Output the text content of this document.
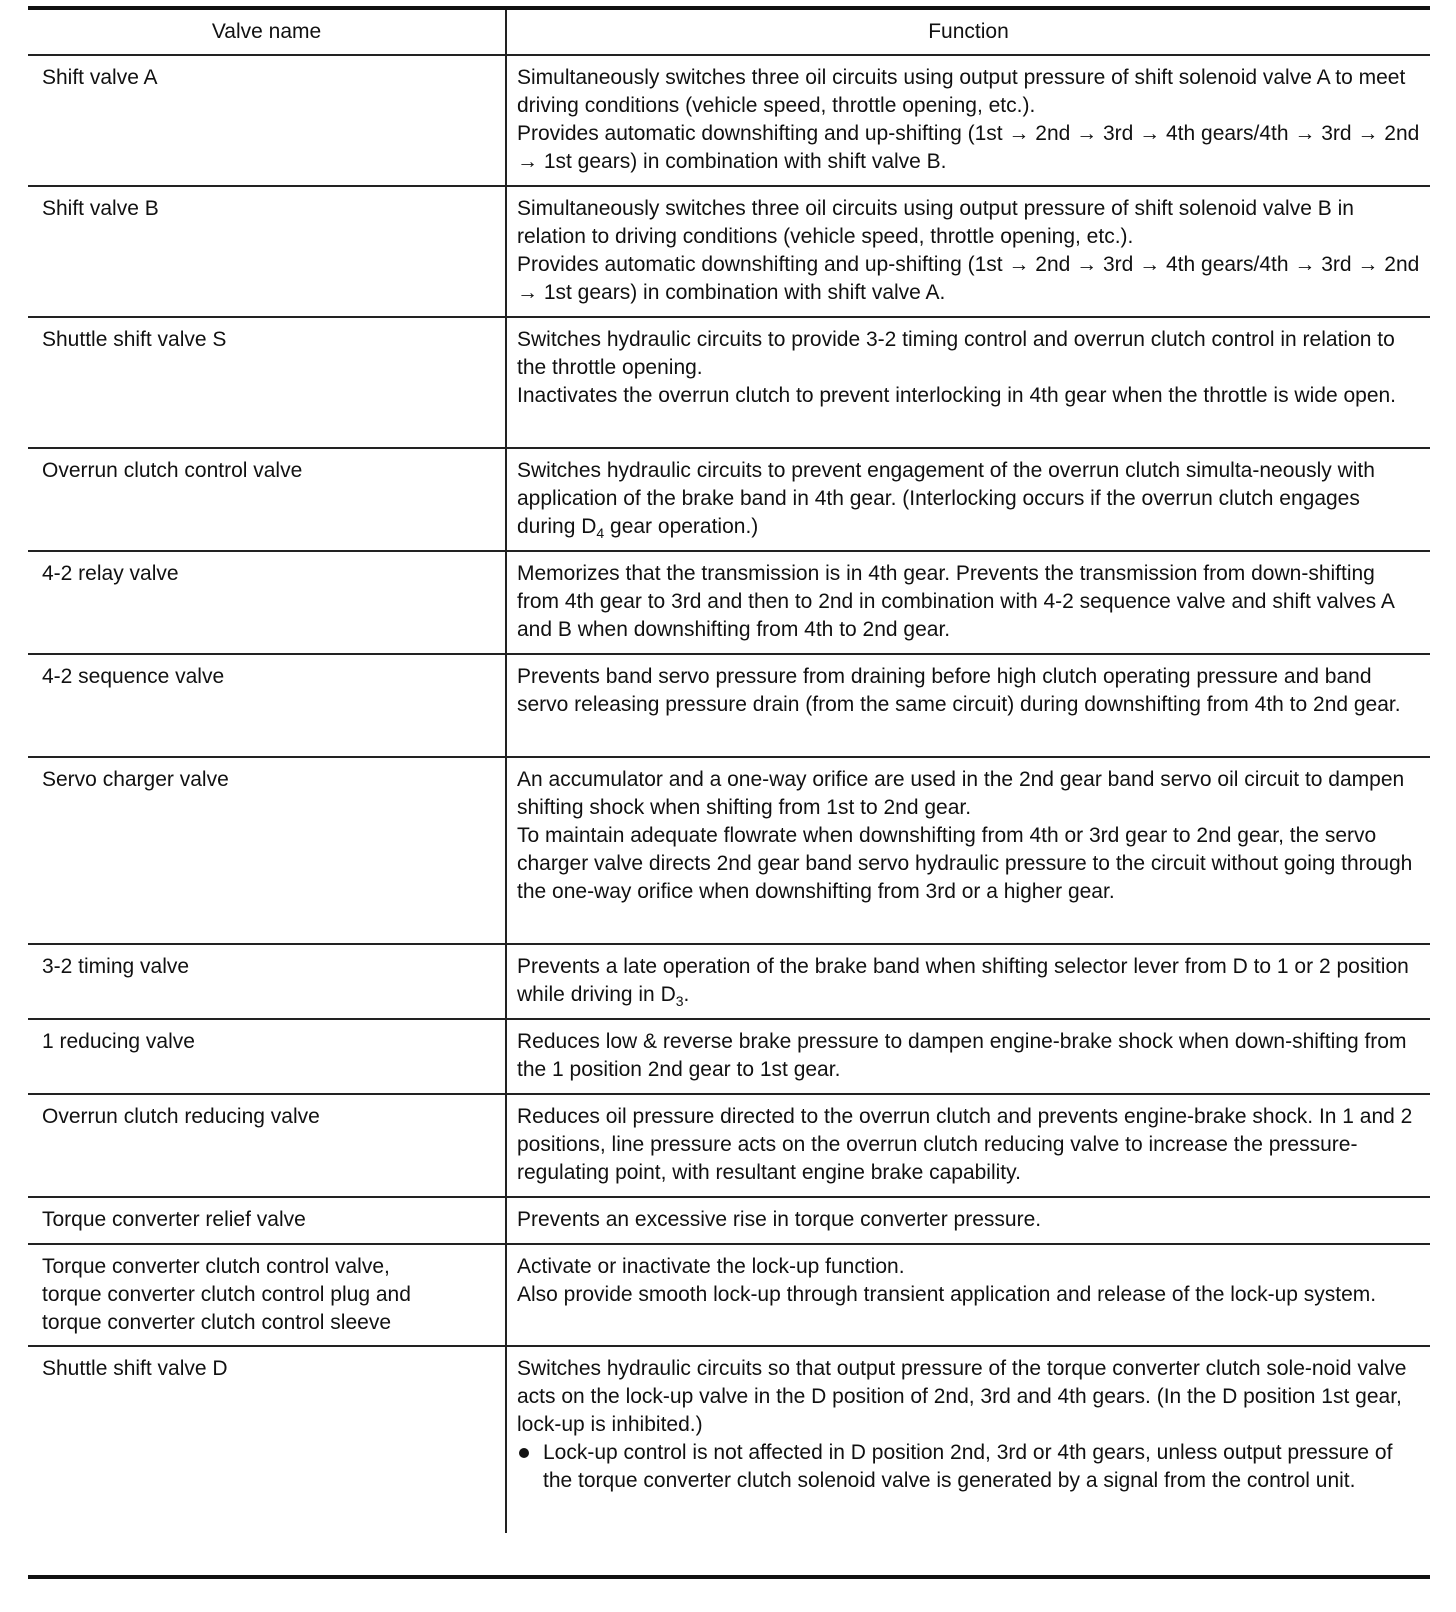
Valve name	Function

Shift valve A	Simultaneously switches three oil circuits using output pressure of shift solenoid valve A to meet driving conditions (vehicle speed, throttle opening, etc.).
Provides automatic downshifting and up-shifting (1st → 2nd → 3rd → 4th gears/4th → 3rd → 2nd → 1st gears) in combination with shift valve B.

Shift valve B	Simultaneously switches three oil circuits using output pressure of shift solenoid valve B in relation to driving conditions (vehicle speed, throttle opening, etc.).
Provides automatic downshifting and up-shifting (1st → 2nd → 3rd → 4th gears/4th → 3rd → 2nd → 1st gears) in combination with shift valve A.

Shuttle shift valve S	Switches hydraulic circuits to provide 3-2 timing control and overrun clutch control in relation to the throttle opening.
Inactivates the overrun clutch to prevent interlocking in 4th gear when the throttle is wide open.

Overrun clutch control valve	Switches hydraulic circuits to prevent engagement of the overrun clutch simulta-neously with application of the brake band in 4th gear. (Interlocking occurs if the overrun clutch engages during $D_4$ gear operation.)

4-2 relay valve	Memorizes that the transmission is in 4th gear. Prevents the transmission from down-shifting from 4th gear to 3rd and then to 2nd in combination with 4-2 sequence valve and shift valves A and B when downshifting from 4th to 2nd gear.

4-2 sequence valve	Prevents band servo pressure from draining before high clutch operating pressure and band servo releasing pressure drain (from the same circuit) during downshifting from 4th to 2nd gear.

Servo charger valve	An accumulator and a one-way orifice are used in the 2nd gear band servo oil circuit to dampen shifting shock when shifting from 1st to 2nd gear.
To maintain adequate flowrate when downshifting from 4th or 3rd gear to 2nd gear, the servo charger valve directs 2nd gear band servo hydraulic pressure to the circuit without going through the one-way orifice when downshifting from 3rd or a higher gear.

3-2 timing valve	Prevents a late operation of the brake band when shifting selector lever from D to 1 or 2 position while driving in $D_3$.

1 reducing valve	Reduces low & reverse brake pressure to dampen engine-brake shock when down-shifting from the 1 position 2nd gear to 1st gear.

Overrun clutch reducing valve	Reduces oil pressure directed to the overrun clutch and prevents engine-brake shock. In 1 and 2 positions, line pressure acts on the overrun clutch reducing valve to increase the pressure-regulating point, with resultant engine brake capability.

Torque converter relief valve	Prevents an excessive rise in torque converter pressure.

Torque converter clutch control valve,
torque converter clutch control plug and
torque converter clutch control sleeve	Activate or inactivate the lock-up function.
Also provide smooth lock-up through transient application and release of the lock-up system.

Shuttle shift valve D	Switches hydraulic circuits so that output pressure of the torque converter clutch sole-noid valve acts on the lock-up valve in the D position of 2nd, 3rd and 4th gears. (In the D position 1st gear, lock-up is inhibited.)
Lock-up control is not affected in D position 2nd, 3rd or 4th gears, unless output pressure of the torque converter clutch solenoid valve is generated by a signal from the control unit.
